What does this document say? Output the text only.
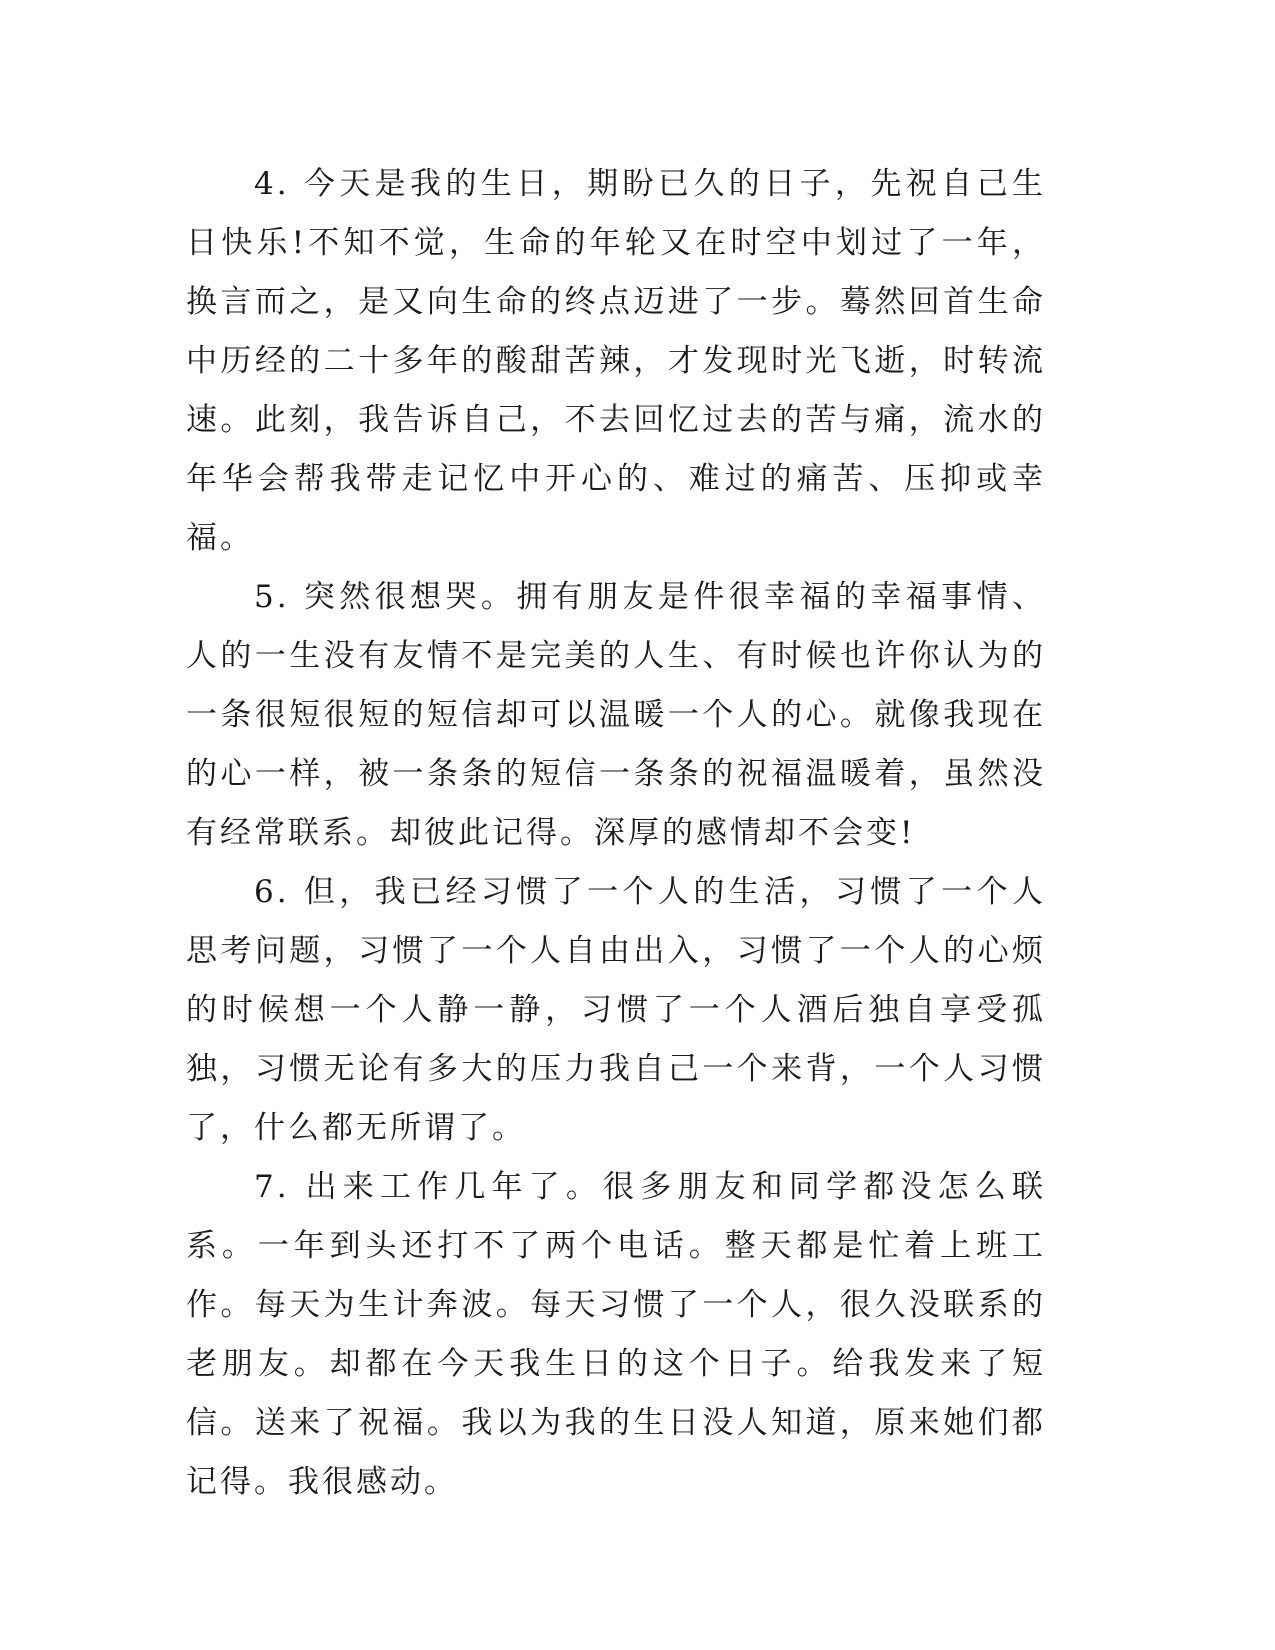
4. 今天是我的生日，期盼已久的日子，先祝自己生日快乐!不知不觉，生命的年轮又在时空中划过了一年，换言而之，是又向生命的终点迈进了一步。蓦然回首生命中历经的二十多年的酸甜苦辣，才发现时光飞逝，时转流速。此刻，我告诉自己，不去回忆过去的苦与痛，流水的年华会帮我带走记忆中开心的、难过的痛苦、压抑或幸福。

5. 突然很想哭。拥有朋友是件很幸福的幸福事情、人的一生没有友情不是完美的人生、有时候也许你认为的一条很短很短的短信却可以温暖一个人的心。就像我现在的心一样，被一条条的短信一条条的祝福温暖着，虽然没有经常联系。却彼此记得。深厚的感情却不会变!

6. 但，我已经习惯了一个人的生活，习惯了一个人思考问题，习惯了一个人自由出入，习惯了一个人的心烦的时候想一个人静一静，习惯了一个人酒后独自享受孤独，习惯无论有多大的压力我自己一个来背，一个人习惯了，什么都无所谓了。

7. 出来工作几年了。很多朋友和同学都没怎么联系。一年到头还打不了两个电话。整天都是忙着上班工作。每天为生计奔波。每天习惯了一个人，很久没联系的老朋友。却都在今天我生日的这个日子。给我发来了短信。送来了祝福。我以为我的生日没人知道，原来她们都记得。我很感动。
